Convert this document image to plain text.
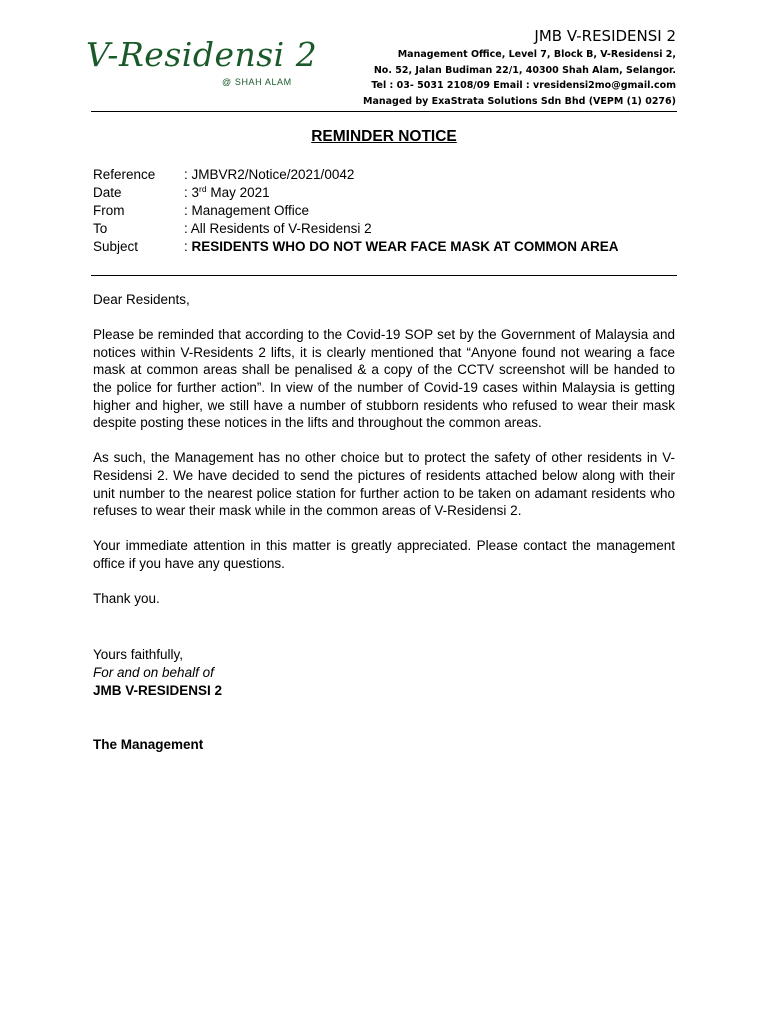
V-Residensi 2
@ SHAH ALAM
JMB V-RESIDENSI 2
Management Office, Level 7, Block B, V-Residensi 2,
No. 52, Jalan Budiman 22/1, 40300 Shah Alam, Selangor.
Tel : 03- 5031 2108/09 Email : vresidensi2mo@gmail.com
Managed by ExaStrata Solutions Sdn Bhd (VEPM (1) 0276)
REMINDER NOTICE
Reference	: JMBVR2/Notice/2021/0042
Date	: 3rd May 2021
From	: Management Office
To	: All Residents of V-Residensi 2
Subject	: RESIDENTS WHO DO NOT WEAR FACE MASK AT COMMON AREA

Dear Residents,

Please be reminded that according to the Covid-19 SOP set by the Government of Malaysia and notices within V-Residents 2 lifts, it is clearly mentioned that “Anyone found not wearing a face mask at common areas shall be penalised & a copy of the CCTV screenshot will be handed to the police for further action”. In view of the number of Covid-19 cases within Malaysia is getting higher and higher, we still have a number of stubborn residents who refused to wear their mask despite posting these notices in the lifts and throughout the common areas.

As such, the Management has no other choice but to protect the safety of other residents in V-Residensi 2. We have decided to send the pictures of residents attached below along with their unit number to the nearest police station for further action to be taken on adamant residents who refuses to wear their mask while in the common areas of V-Residensi 2.

Your immediate attention in this matter is greatly appreciated. Please contact the management office if you have any questions.

Thank you.

Yours faithfully,
For and on behalf of
JMB V-RESIDENSI 2
The Management
